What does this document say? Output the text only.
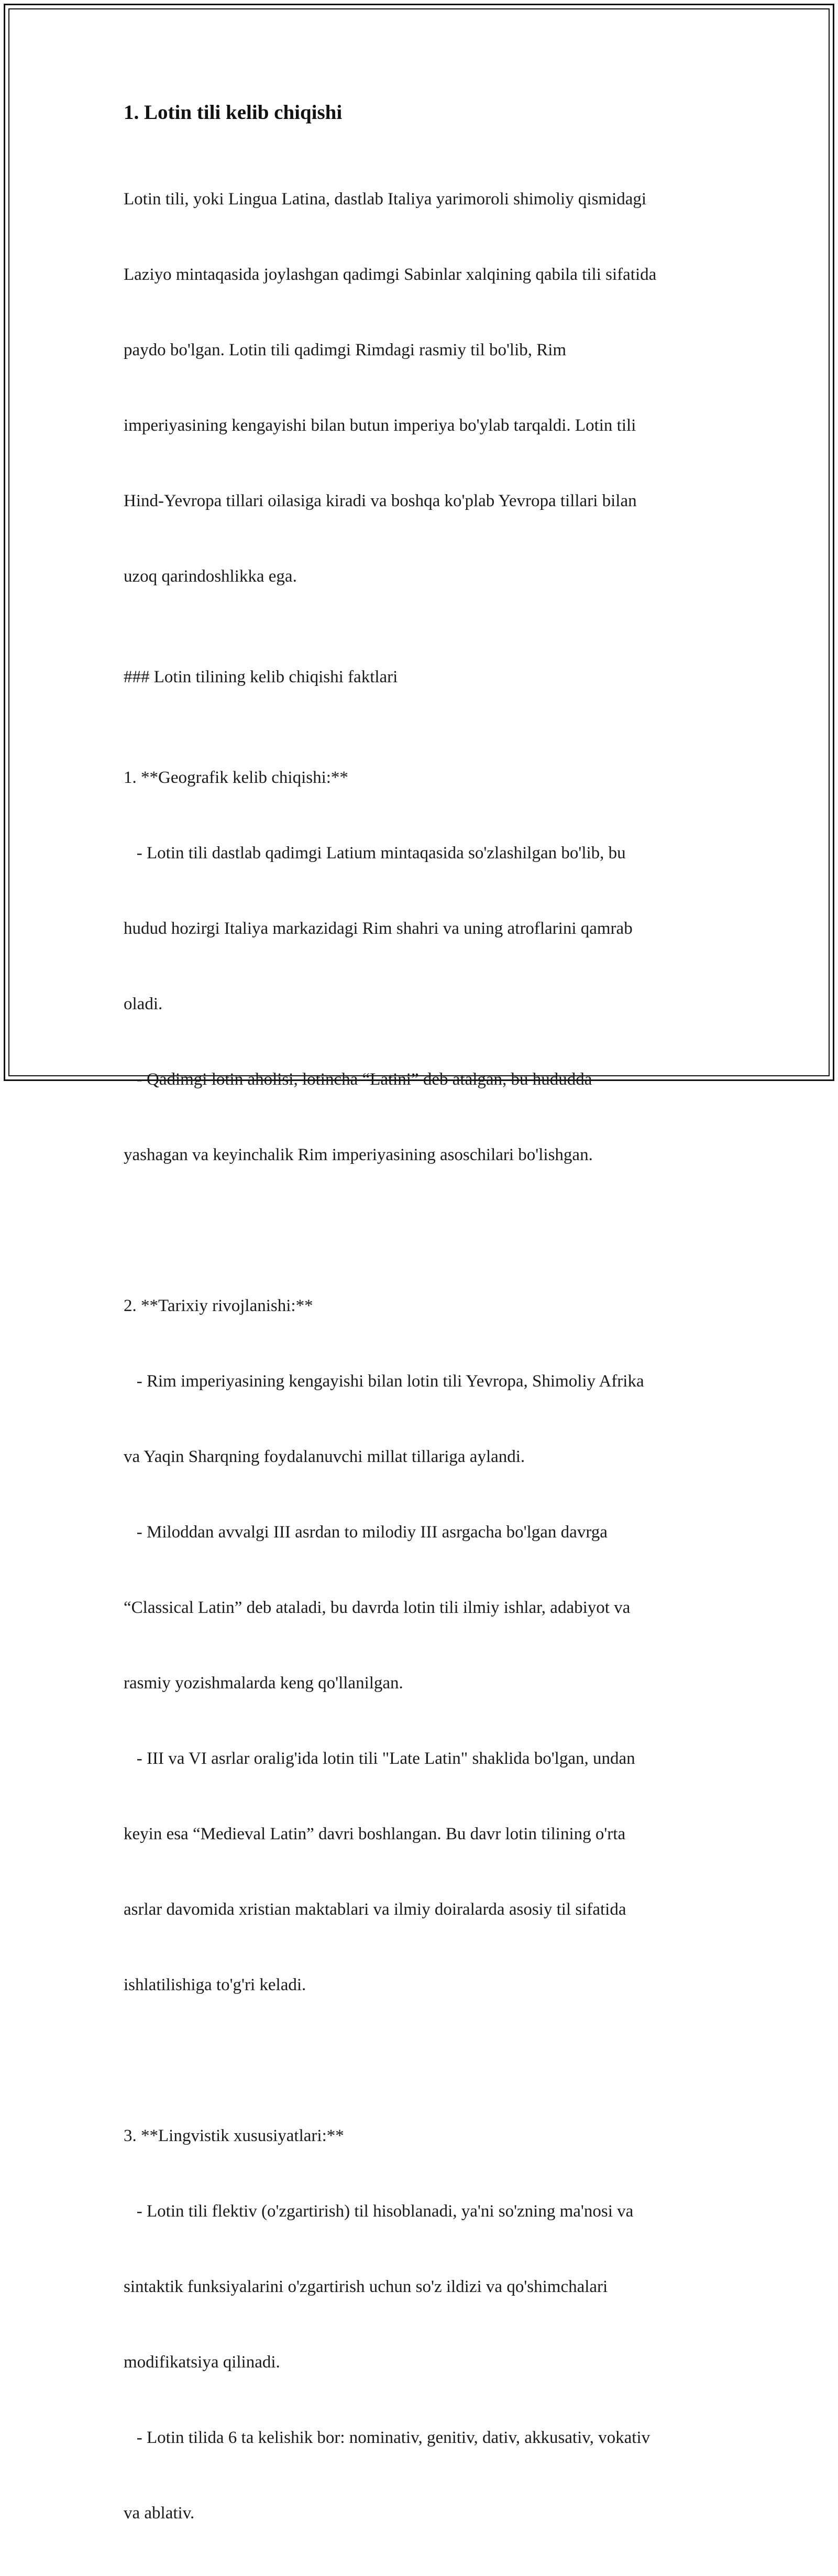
1. Lotin tili kelib chiqishi

Lotin tili, yoki Lingua Latina, dastlab Italiya yarimoroli shimoliy qismidagi

Laziyo mintaqasida joylashgan qadimgi Sabinlar xalqining qabila tili sifatida

paydo bo'lgan. Lotin tili qadimgi Rimdagi rasmiy til bo'lib, Rim

imperiyasining kengayishi bilan butun imperiya bo'ylab tarqaldi. Lotin tili

Hind-Yevropa tillari oilasiga kiradi va boshqa ko'plab Yevropa tillari bilan

uzoq qarindoshlikka ega.

### Lotin tilining kelib chiqishi faktlari

1. **Geografik kelib chiqishi:**

- Lotin tili dastlab qadimgi Latium mintaqasida so'zlashilgan bo'lib, bu

hudud hozirgi Italiya markazidagi Rim shahri va uning atroflarini qamrab

oladi.

- Qadimgi lotin aholisi, lotincha “Latini” deb atalgan, bu hududda

yashagan va keyinchalik Rim imperiyasining asoschilari bo'lishgan.

2. **Tarixiy rivojlanishi:**

- Rim imperiyasining kengayishi bilan lotin tili Yevropa, Shimoliy Afrika

va Yaqin Sharqning foydalanuvchi millat tillariga aylandi.

- Miloddan avvalgi III asrdan to milodiy III asrgacha bo'lgan davrga

“Classical Latin” deb ataladi, bu davrda lotin tili ilmiy ishlar, adabiyot va

rasmiy yozishmalarda keng qo'llanilgan.

- III va VI asrlar oralig'ida lotin tili "Late Latin" shaklida bo'lgan, undan

keyin esa “Medieval Latin” davri boshlangan. Bu davr lotin tilining o'rta

asrlar davomida xristian maktablari va ilmiy doiralarda asosiy til sifatida

ishlatilishiga to'g'ri keladi.

3. **Lingvistik xususiyatlari:**

- Lotin tili flektiv (o'zgartirish) til hisoblanadi, ya'ni so'zning ma'nosi va

sintaktik funksiyalarini o'zgartirish uchun so'z ildizi va qo'shimchalari

modifikatsiya qilinadi.

- Lotin tilida 6 ta kelishik bor: nominativ, genitiv, dativ, akkusativ, vokativ

va ablativ.
